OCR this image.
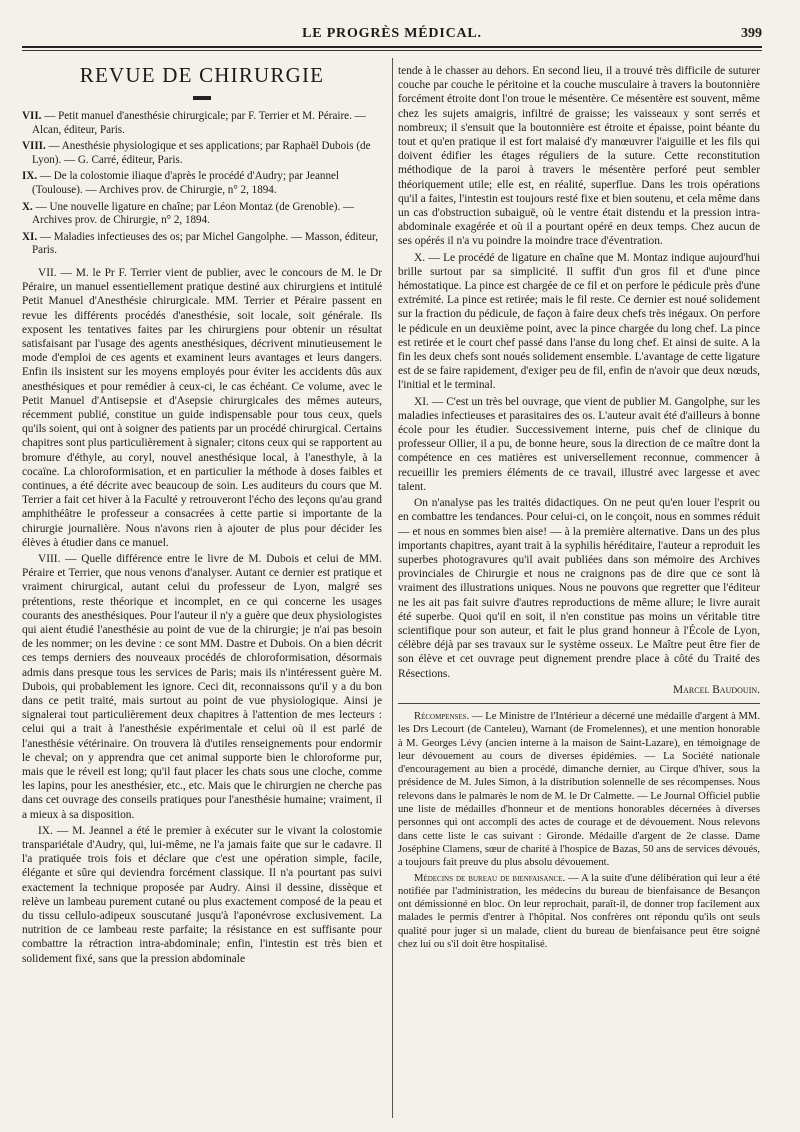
LE PROGRÈS MÉDICAL.	399
REVUE DE CHIRURGIE
VII. — Petit manuel d'anesthésie chirurgicale; par F. Terrier et M. Péraire. — Alcan, éditeur, Paris.
VIII. — Anesthésie physiologique et ses applications; par Raphaël Dubois (de Lyon). — G. Carré, éditeur, Paris.
IX. — De la colostomie iliaque d'après le procédé d'Audry; par Jeannel (Toulouse). — Archives prov. de Chirurgie, n° 2, 1894.
X. — Une nouvelle ligature en chaîne; par Léon Montaz (de Grenoble). — Archives prov. de Chirurgie, n° 2, 1894.
XI. — Maladies infectieuses des os; par Michel Gangolphe. — Masson, éditeur, Paris.

VII. — M. le Pr F. Terrier vient de publier, avec le concours de M. le Dr Péraire, un manuel essentiellement pratique destiné aux chirurgiens et intitulé Petit Manuel d'Anesthésie chirurgicale. MM. Terrier et Péraire passent en revue les différents procédés d'anesthésie, soit locale, soit générale. Ils exposent les tentatives faites par les chirurgiens pour obtenir un résultat satisfaisant par l'usage des agents anesthésiques, décrivent minutieusement le mode d'emploi de ces agents et examinent leurs avantages et leurs dangers. Enfin ils insistent sur les moyens employés pour éviter les accidents dûs aux anesthésiques et pour remédier à ceux-ci, le cas échéant. Ce volume, avec le Petit Manuel d'Antisepsie et d'Asepsie chirurgicales des mêmes auteurs, récemment publié, constitue un guide indispensable pour tous ceux, quels qu'ils soient, qui ont à soigner des patients par un procédé chirurgical. Certains chapitres sont plus particulièrement à signaler; citons ceux qui se rapportent au bromure d'éthyle, au coryl, nouvel anesthésique local, à l'anesthyle, à la cocaïne. La chloroformisation, et en particulier la méthode à doses faibles et continues, a été décrite avec beaucoup de soin. Les auditeurs du cours que M. Terrier a fait cet hiver à la Faculté y retrouveront l'écho des leçons qu'au grand amphithéâtre le professeur a consacrées à cette partie si importante de la chirurgie journalière. Nous n'avons rien à ajouter de plus pour décider les élèves à étudier dans ce manuel.

VIII. — Quelle différence entre le livre de M. Dubois et celui de MM. Péraire et Terrier, que nous venons d'analyser. Autant ce dernier est pratique et vraiment chirurgical, autant celui du professeur de Lyon, malgré ses prétentions, reste théorique et incomplet, en ce qui concerne les usages courants des anesthésiques. Pour l'auteur il n'y a guère que deux physiologistes qui aient étudié l'anesthésie au point de vue de la chirurgie; je n'ai pas besoin de les nommer; on les devine : ce sont MM. Dastre et Dubois. On a bien décrit ces temps derniers des nouveaux procédés de chloroformisation, désormais admis dans presque tous les services de Paris; mais ils n'intéressent guère M. Dubois, qui probablement les ignore. Ceci dit, reconnaissons qu'il y a du bon dans ce petit traité, mais surtout au point de vue physiologique. Ainsi je signalerai tout particulièrement deux chapitres à l'attention de mes lecteurs : celui qui a trait à l'anesthésie expérimentale et celui où il est parlé de l'anesthésie vétérinaire. On trouvera là d'utiles renseignements pour endormir le cheval; on y apprendra que cet animal supporte bien le chloroforme pur, mais que le réveil est long; qu'il faut placer les chats sous une cloche, comme les lapins, pour les anesthésier, etc., etc. Mais que le chirurgien ne cherche pas dans cet ouvrage des conseils pratiques pour l'anesthésie humaine; vraiment, il a mieux à sa disposition.

IX. — M. Jeannel a été le premier à exécuter sur le vivant la colostomie transpariétale d'Audry, qui, lui-même, ne l'a jamais faite que sur le cadavre. Il l'a pratiquée trois fois et déclare que c'est une opération simple, facile, élégante et sûre qui deviendra forcément classique. Il n'a pourtant pas suivi exactement la technique proposée par Audry. Ainsi il dessine, dissèque et relève un lambeau purement cutané ou plus exactement composé de la peau et du tissu cellulo-adipeux souscutané jusqu'à l'aponévrose exclusivement. La nutrition de ce lambeau reste parfaite; la résistance en est suffisante pour combattre la rétraction intra-abdominale; enfin, l'intestin est très bien et solidement fixé, sans que la pression abdominale

tende à le chasser au dehors. En second lieu, il a trouvé très difficile de suturer couche par couche le péritoine et la couche musculaire à travers la boutonnière forcément étroite dont l'on troue le mésentère. Ce mésentère est souvent, même chez les sujets amaigris, infiltré de graisse; les vaisseaux y sont serrés et nombreux; il s'ensuit que la boutonnière est étroite et épaisse, point béante du tout et qu'en pratique il est fort malaisé d'y manœuvrer l'aiguille et les fils qui doivent édifier les étages réguliers de la suture. Cette reconstitution méthodique de la paroi à travers le mésentère perforé peut sembler théoriquement utile; elle est, en réalité, superflue. Dans les trois opérations qu'il a faites, l'intestin est toujours resté fixe et bien soutenu, et cela même dans un cas d'obstruction subaiguë, où le ventre était distendu et la pression intra-abdominale exagérée et où il a pourtant opéré en deux temps. Chez aucun de ses opérés il n'a vu poindre la moindre trace d'éventration.

X. — Le procédé de ligature en chaîne que M. Montaz indique aujourd'hui brille surtout par sa simplicité. Il suffit d'un gros fil et d'une pince hémostatique. La pince est chargée de ce fil et on perfore le pédicule près d'une extrémité. La pince est retirée; mais le fil reste. Ce dernier est noué solidement sur la fraction du pédicule, de façon à faire deux chefs très inégaux. On perfore le pédicule en un deuxième point, avec la pince chargée du long chef. La pince est retirée et le court chef passé dans l'anse du long chef. Et ainsi de suite. A la fin les deux chefs sont noués solidement ensemble. L'avantage de cette ligature est de se faire rapidement, d'exiger peu de fil, enfin de n'avoir que deux nœuds, l'initial et le terminal.

XI. — C'est un très bel ouvrage, que vient de publier M. Gangolphe, sur les maladies infectieuses et parasitaires des os. L'auteur avait été d'ailleurs à bonne école pour les étudier. Successivement interne, puis chef de clinique du professeur Ollier, il a pu, de bonne heure, sous la direction de ce maître dont la compétence en ces matières est universellement reconnue, commencer à recueillir les premiers éléments de ce travail, illustré avec largesse et avec talent.

On n'analyse pas les traités didactiques. On ne peut qu'en louer l'esprit ou en combattre les tendances. Pour celui-ci, on le conçoit, nous en sommes réduit — et nous en sommes bien aise! — à la première alternative. Dans un des plus importants chapitres, ayant trait à la syphilis héréditaire, l'auteur a reproduit les superbes photogravures qu'il avait publiées dans son mémoire des Archives provinciales de Chirurgie et nous ne craignons pas de dire que ce sont là vraiment des illustrations uniques. Nous ne pouvons que regretter que l'éditeur ne les ait pas fait suivre d'autres reproductions de même allure; le livre aurait été superbe. Quoi qu'il en soit, il n'en constitue pas moins un véritable titre scientifique pour son auteur, et fait le plus grand honneur à l'École de Lyon, célèbre déjà par ses travaux sur le système osseux. Le Maître peut être fier de son élève et cet ouvrage peut dignement prendre place à côté du Traité des Résections.

Marcel Baudouin.

Récompenses. — Le Ministre de l'Intérieur a décerné une médaille d'argent à MM. les Drs Lecourt (de Canteleu), Warnant (de Fromelennes), et une mention honorable à M. Georges Lévy (ancien interne à la maison de Saint-Lazare), en témoignage de leur dévouement au cours de diverses épidémies. — La Société nationale d'encouragement au bien a procédé, dimanche dernier, au Cirque d'hiver, sous la présidence de M. Jules Simon, à la distribution solennelle de ses récompenses. Nous relevons dans le palmarès le nom de M. le Dr Calmette. — Le Journal Officiel publie une liste de médailles d'honneur et de mentions honorables décernées à diverses personnes qui ont accompli des actes de courage et de dévouement. Nous relevons dans cette liste le cas suivant : Gironde. Médaille d'argent de 2e classe. Dame Joséphine Clamens, sœur de charité à l'hospice de Bazas, 50 ans de services dévoués, a toujours fait preuve du plus absolu dévouement.

Médecins de bureau de bienfaisance. — A la suite d'une délibération qui leur a été notifiée par l'administration, les médecins du bureau de bienfaisance de Besançon ont démissionné en bloc. On leur reprochait, paraît-il, de donner trop facilement aux malades le permis d'entrer à l'hôpital. Nos confrères ont répondu qu'ils ont seuls qualité pour juger si un malade, client du bureau de bienfaisance peut être soigné chez lui ou s'il doit être hospitalisé.
